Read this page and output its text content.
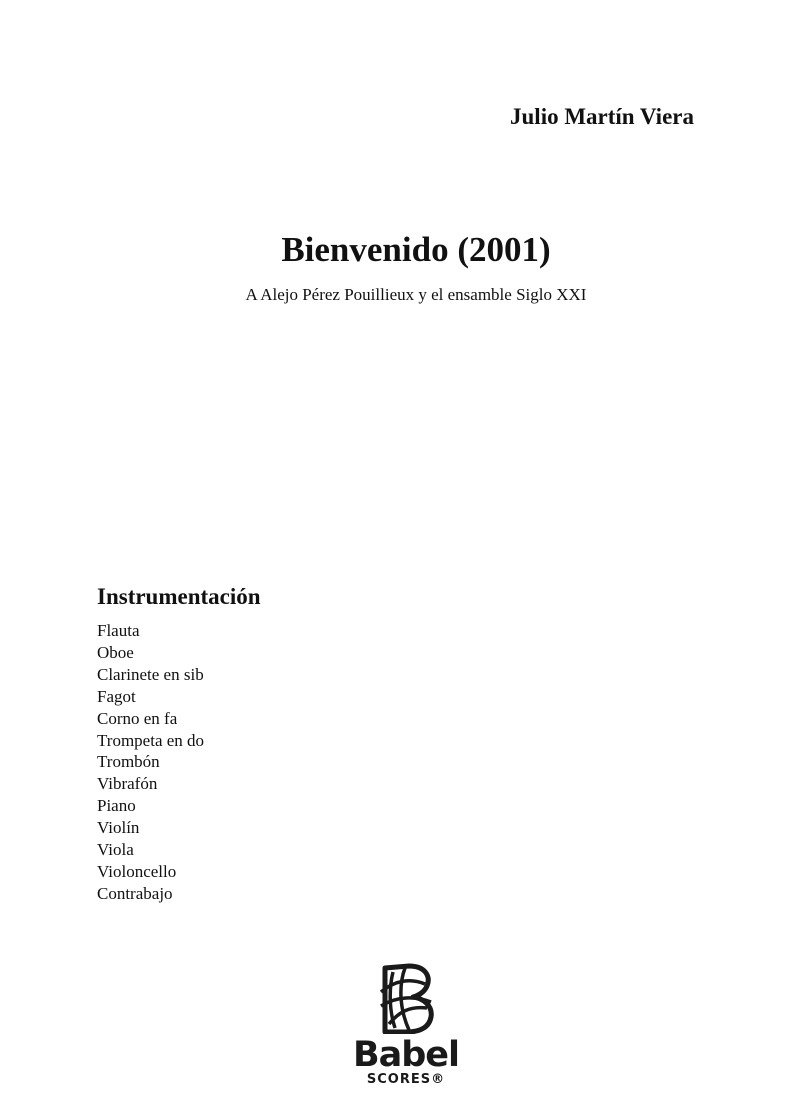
Julio Martín Viera
Bienvenido (2001)

A Alejo Pérez Pouillieux y el ensamble Siglo XXI

Instrumentación
Flauta
Oboe
Clarinete en sib
Fagot
Corno en fa
Trompeta en do
Trombón
Vibrafón
Piano
Violín
Viola
Violoncello
Contrabajo
Babel
SCORES®
